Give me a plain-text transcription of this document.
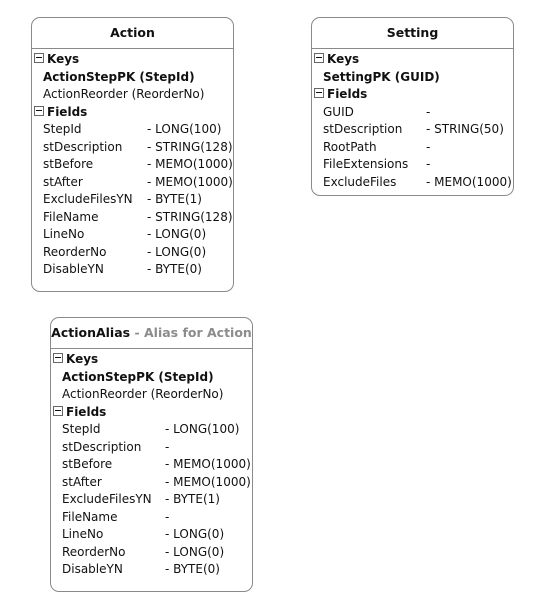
Action
Keys
ActionStepPK (StepId)
ActionReorder (ReorderNo)
Fields
StepId	- LONG(100)
stDescription - STRING(128)
stBefore	- MEMO(1000)
stAfter	- MEMO(1000)
ExcludeFilesYN - BYTE(1)
FileName	- STRING(128)
LineNo	- LONG(0)
ReorderNo	- LONG(0)
DisableYN	- BYTE(0)
Setting
Keys
SettingPK (GUID)
Fields
GUID	-
stDescription - STRING(50)
RootPath	-
FileExtensions -
ExcludeFiles - MEMO(1000)
ActionAlias - Alias for Action
Keys
ActionStepPK (StepId)
ActionReorder (ReorderNo)
Fields
StepId	- LONG(100)
stDescription -
stBefore	- MEMO(1000)
stAfter	- MEMO(1000)
ExcludeFilesYN - BYTE(1)
FileName	-
LineNo	- LONG(0)
ReorderNo	- LONG(0)
DisableYN	- BYTE(0)
